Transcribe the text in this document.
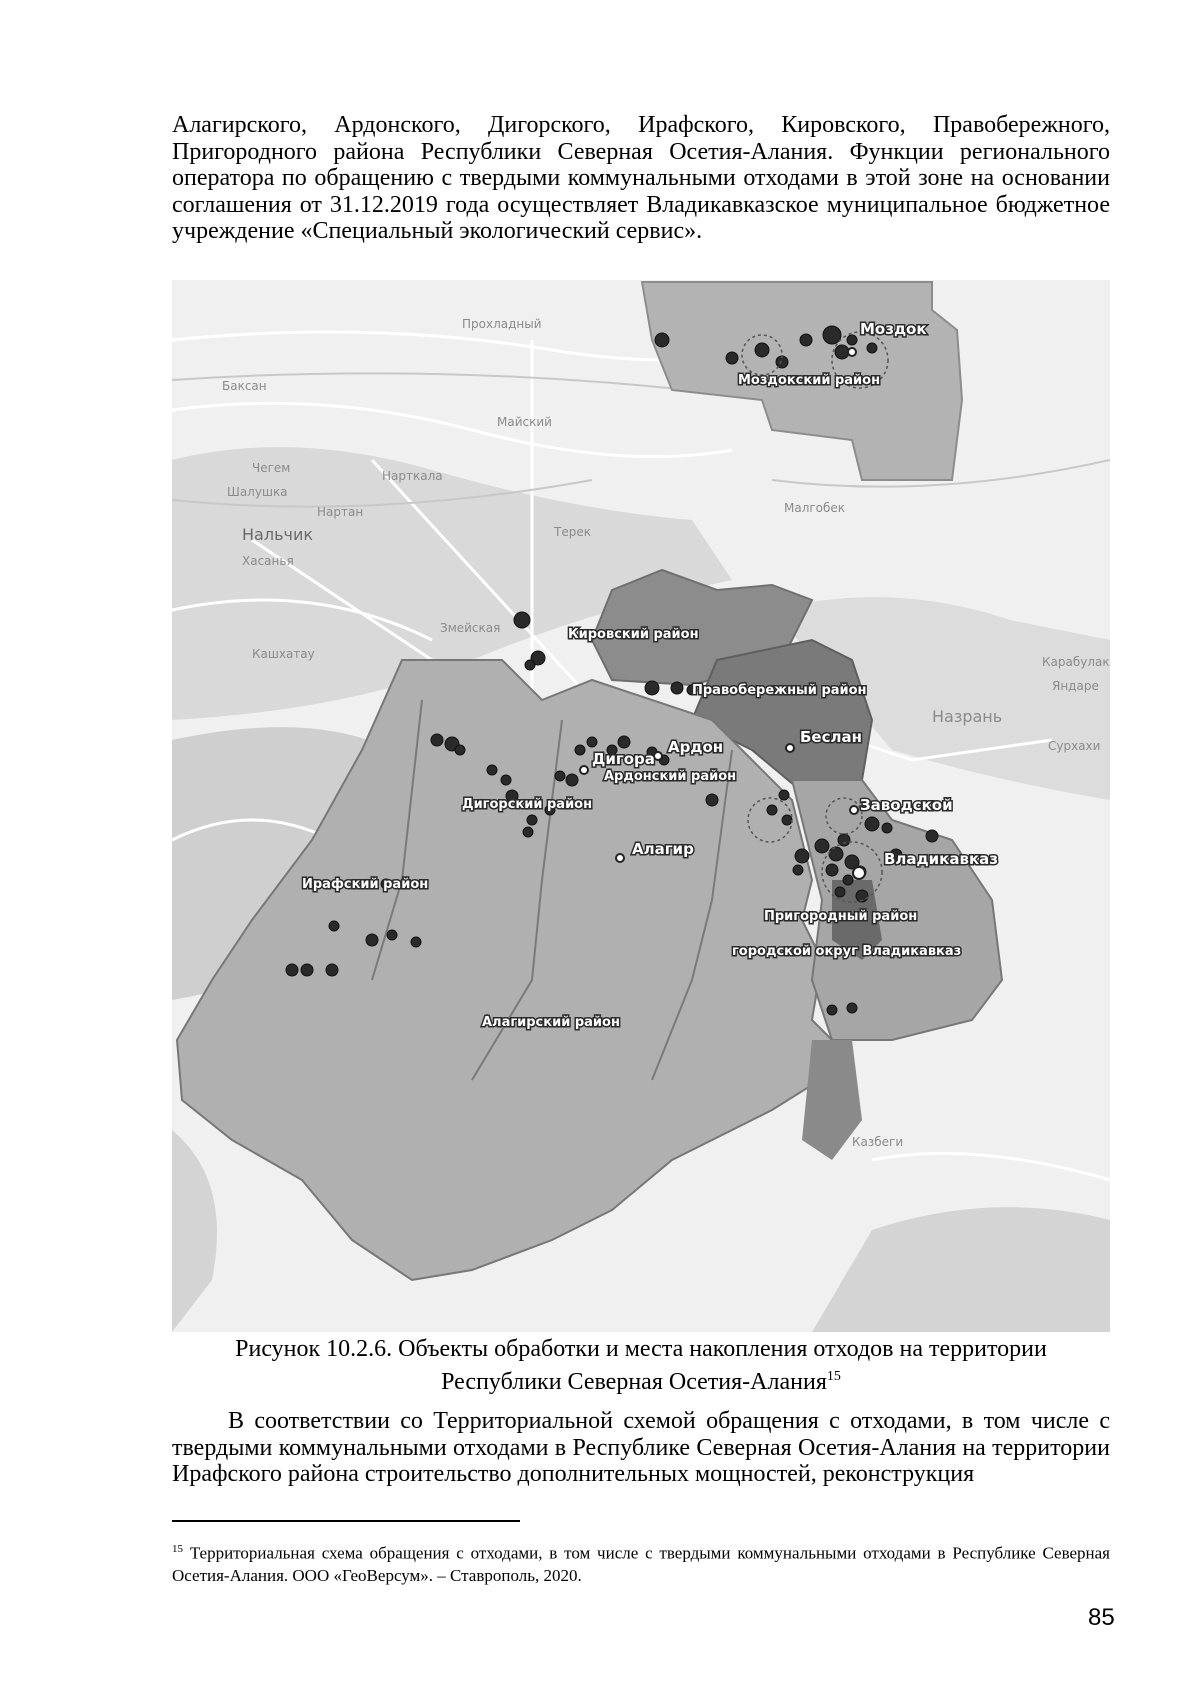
Алагирского, Ардонского, Дигорского, Ирафского, Кировского, Правобережного, Пригородного района Республики Северная Осетия-Алания. Функции регионального оператора по обращению с твердыми коммунальными отходами в этой зоне на основании соглашения от 31.12.2019 года осуществляет Владикавказское муниципальное бюджетное учреждение «Специальный экологический сервис».

Прохладный
Баксан
Майский
Чегем
Нарткала
Шалушка
Нартан
Нальчик
Хасанья
Терек
Малгобек
Змейская
Кашхатау
Карабулак
Яндаре
Назрань
Сурхахи
Казбеги
Моздок
Моздокский район
Кировский район
Правобережный район
Беслан
Ардон
Дигора
Ардонский район
Дигорский район
Алагир
Заводской
Владикавказ
Пригородный район
городской округ Владикавказ
Ирафский район
Алагирский район

Рисунок 10.2.6. Объекты обработки и места накопления отходов на территории
Республики Северная Осетия-Алания$^{15}$

В соответствии со Территориальной схемой обращения с отходами, в том числе с твердыми коммунальными отходами в Республике Северная Осетия-Алания на территории Ирафского района строительство дополнительных мощностей, реконструкция

$^{15}$ Территориальная схема обращения с отходами, в том числе с твердыми коммунальными отходами в Республике Северная Осетия-Алания. ООО «ГеоВерсум». – Ставрополь, 2020.

85
